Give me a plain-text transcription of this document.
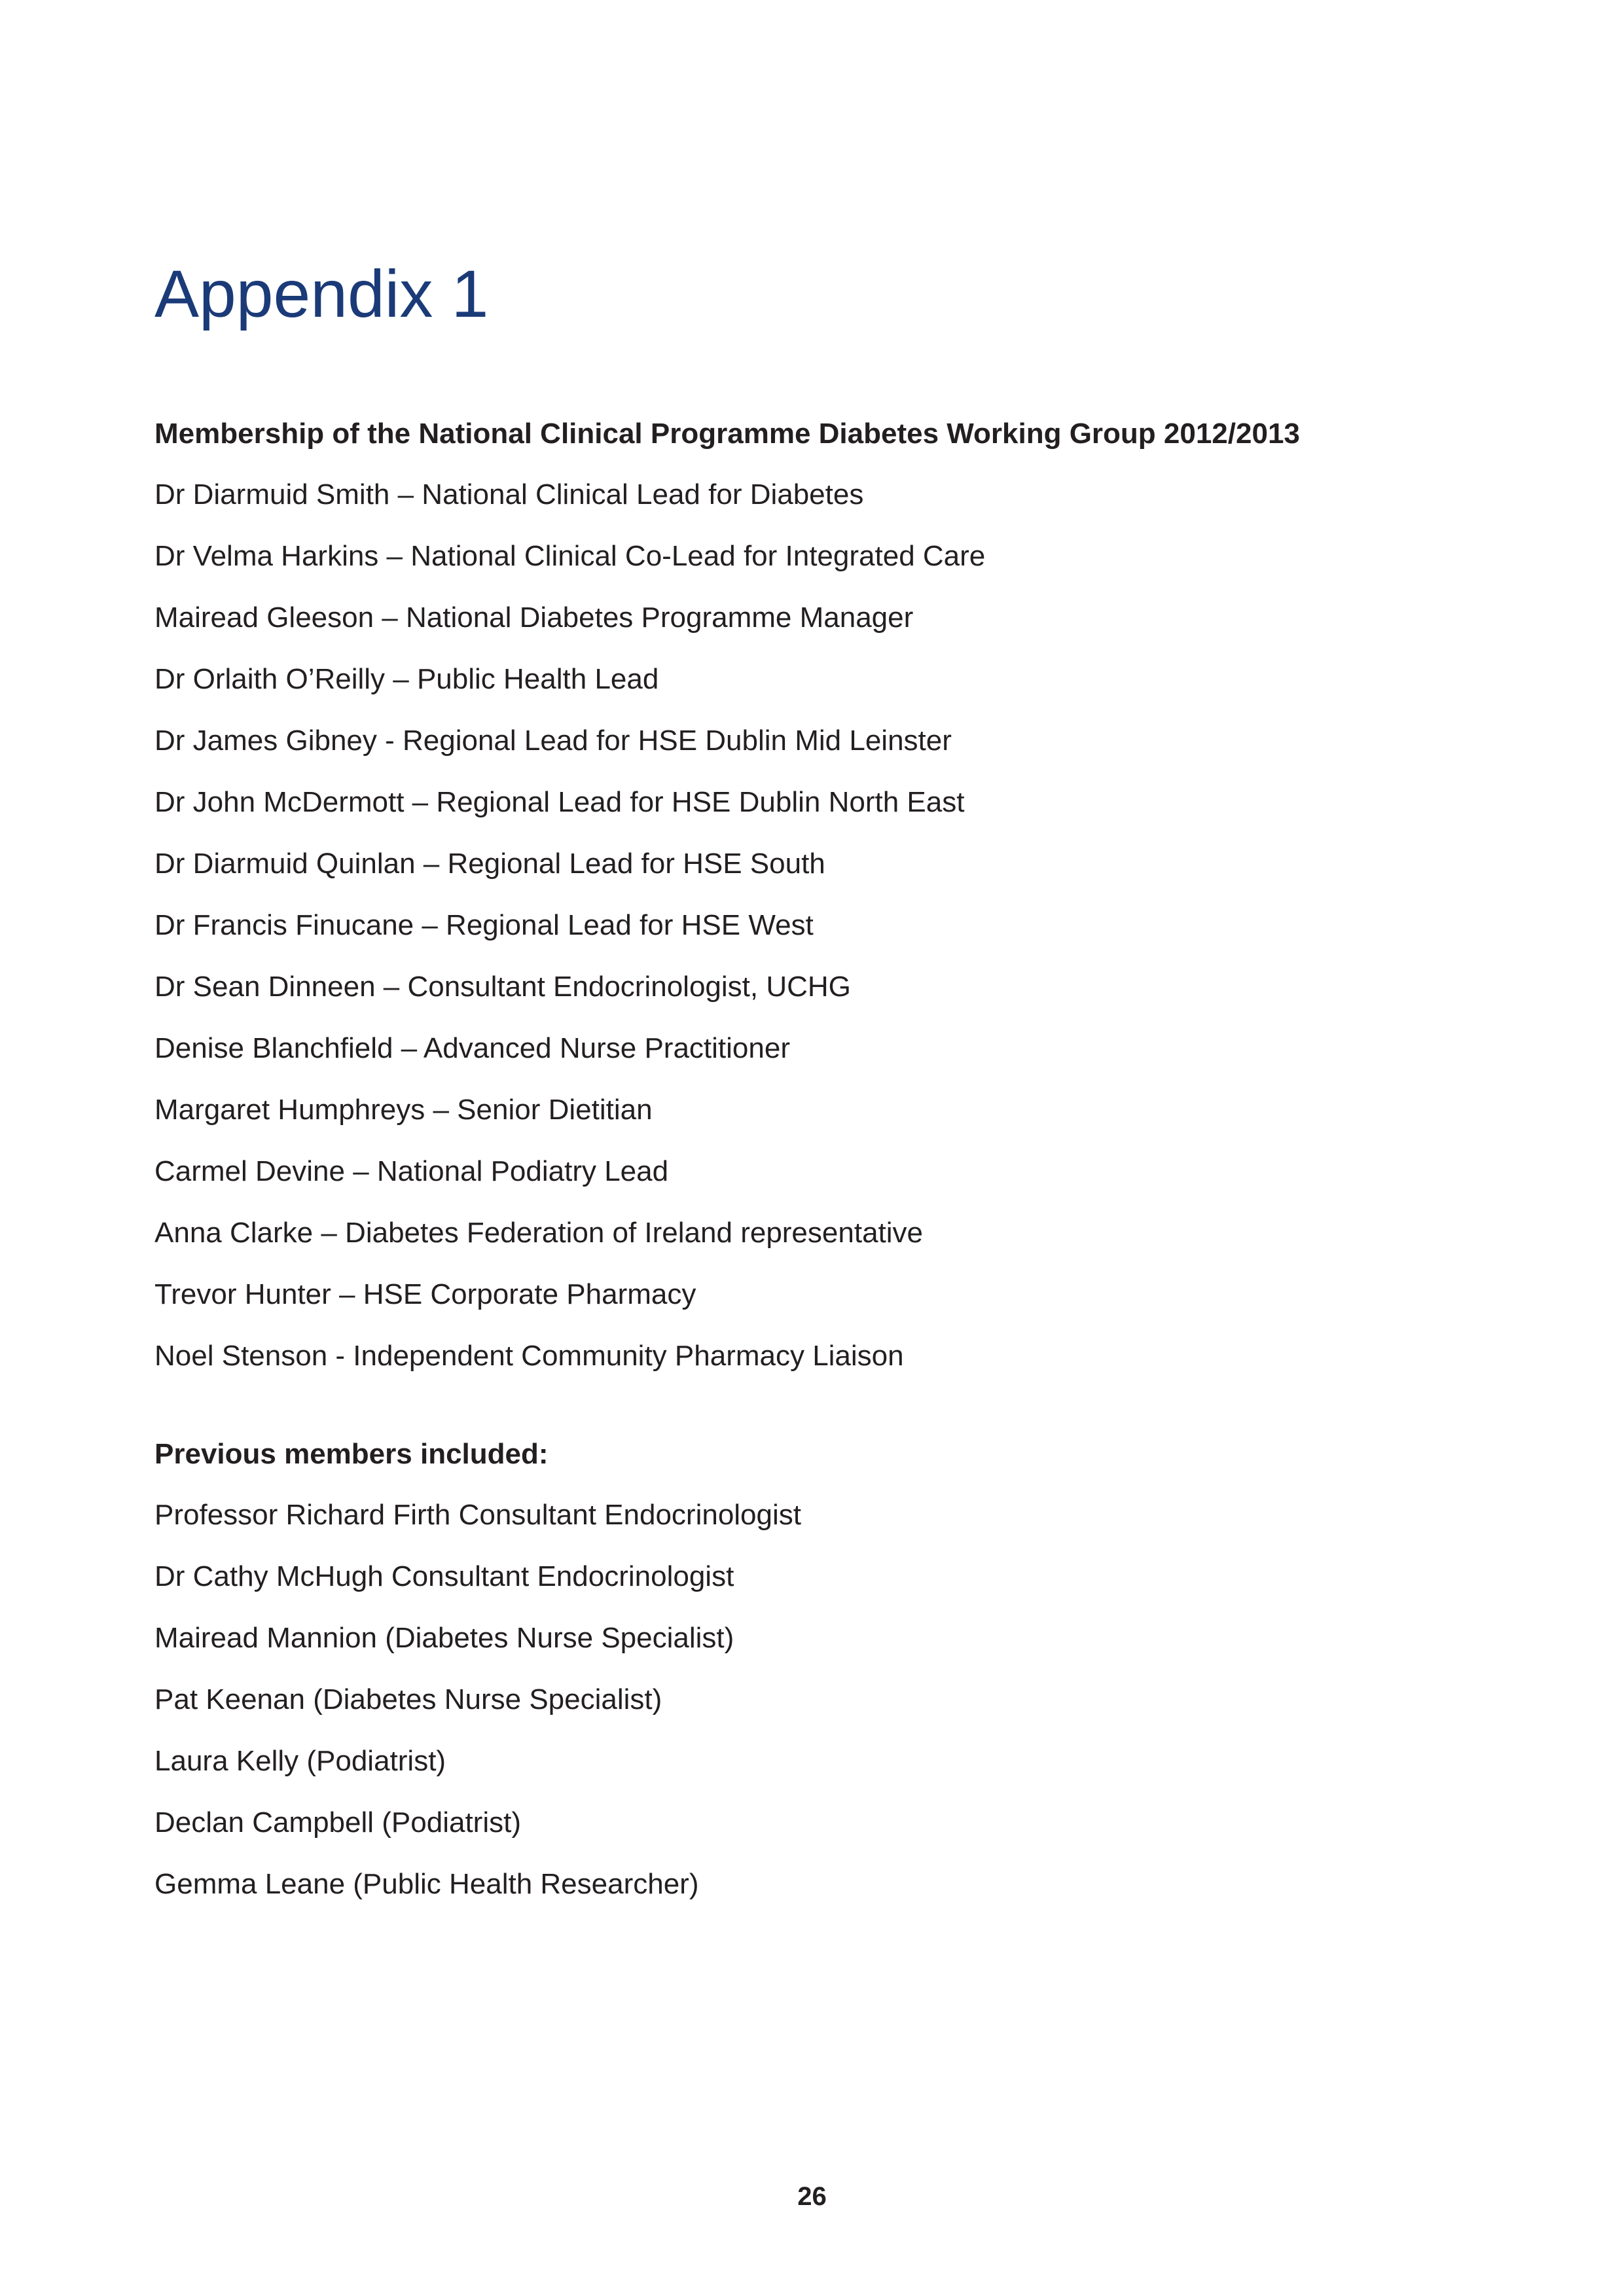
Appendix 1
Membership of the National Clinical Programme Diabetes Working Group 2012/2013
Dr Diarmuid Smith – National Clinical Lead for Diabetes
Dr Velma Harkins – National Clinical Co-Lead for Integrated Care
Mairead Gleeson – National Diabetes Programme Manager
Dr Orlaith O’Reilly – Public Health Lead
Dr James Gibney - Regional Lead for HSE Dublin Mid Leinster
Dr John McDermott – Regional Lead for HSE Dublin North East
Dr Diarmuid Quinlan – Regional Lead for HSE South
Dr Francis Finucane – Regional Lead for HSE West
Dr Sean Dinneen – Consultant Endocrinologist, UCHG
Denise Blanchfield – Advanced Nurse Practitioner
Margaret Humphreys – Senior Dietitian
Carmel Devine – National Podiatry Lead
Anna Clarke – Diabetes Federation of Ireland representative
Trevor Hunter – HSE Corporate Pharmacy
Noel Stenson - Independent Community Pharmacy Liaison
Previous members included:
Professor Richard Firth Consultant Endocrinologist
Dr Cathy McHugh Consultant Endocrinologist
Mairead Mannion (Diabetes Nurse Specialist)
Pat Keenan (Diabetes Nurse Specialist)
Laura Kelly (Podiatrist)
Declan Campbell (Podiatrist)
Gemma Leane (Public Health Researcher)
26
